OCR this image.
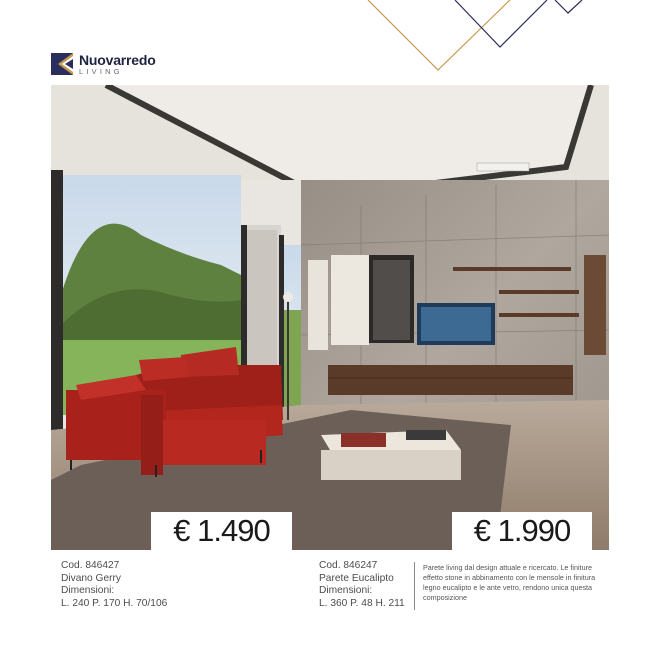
Nuovarredo
LIVING
€ 1.490	€ 1.990
Cod. 846427
Divano Gerry
Dimensioni:
L. 240 P. 170 H. 70/106
Cod. 846247
Parete Eucalipto
Dimensioni:
L. 360 P. 48 H. 211
Parete living dal design attuale e ricercato. Le finiture effetto stone in abbinamento con le mensole in finitura legno eucalipto e le ante vetro, rendono unica questa composizione
